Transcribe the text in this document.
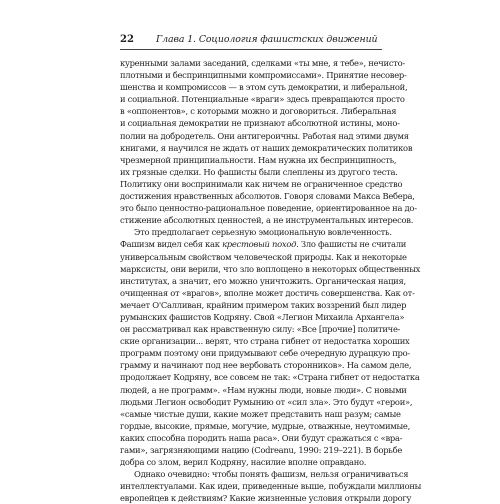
22 Глава 1. Социология фашистских движений
куренными залами заседаний, сделками «ты мне, я тебе», нечисто-
плотными и беспринципными компромиссами». Принятие несовер-
шенства и компромиссов — в этом суть демократии, и либеральной,
и социальной. Потенциальные «враги» здесь превращаются просто
в «оппонентов», с которыми можно и договориться. Либеральная
и социальная демократии не признают абсолютной истины, моно-
полии на добродетель. Они антигероичны. Работая над этими двумя
книгами, я научился не ждать от наших демократических политиков
чрезмерной принципиальности. Нам нужна их беспринципность,
их грязные сделки. Но фашисты были слеплены из другого теста.
Политику они воспринимали как ничем не ограниченное средство
достижения нравственных абсолютов. Говоря словами Макса Вебера,
это было ценностно-рациональное поведение, ориентированное на до-
стижение абсолютных ценностей, а не инструментальных интересов.
Это предполагает серьезную эмоциональную вовлеченность.
Фашизм видел себя как крестовый поход. Зло фашисты не считали
универсальным свойством человеческой природы. Как и некоторые
марксисты, они верили, что зло воплощено в некоторых общественных
институтах, а значит, его можно уничтожить. Органическая нация,
очищенная от «врагов», вполне может достичь совершенства. Как от-
мечает О'Салливан, крайним примером таких воззрений был лидер
румынских фашистов Кодряну. Свой «Легион Михаила Архангела»
он рассматривал как нравственную силу: «Все [прочие] политиче-
ские организации... верят, что страна гибнет от недостатка хороших
программ поэтому они придумывают себе очередную дурацкую про-
грамму и начинают под нее вербовать сторонников». На самом деле,
продолжает Кодряну, все совсем не так: «Страна гибнет от недостатка
людей, а не программ». «Нам нужны люди, новые люди». С новыми
людьми Легион освободит Румынию от «сил зла». Это будут «герои»,
«самые чистые души, какие может представить наш разум; самые
гордые, высокие, прямые, могучие, мудрые, отважные, неутомимые,
каких способна породить наша раса». Они будут сражаться с «вра-
гами», загрязняющими нацию (Codreanu, 1990: 219–221). В борьбе
добра со злом, верил Кодряну, насилие вполне оправдано.
Однако очевидно: чтобы понять фашизм, нельзя ограничиваться
интеллектуалами. Как идеи, приведенные выше, побуждали миллионы
европейцев к действиям? Какие жизненные условия открыли дорогу
